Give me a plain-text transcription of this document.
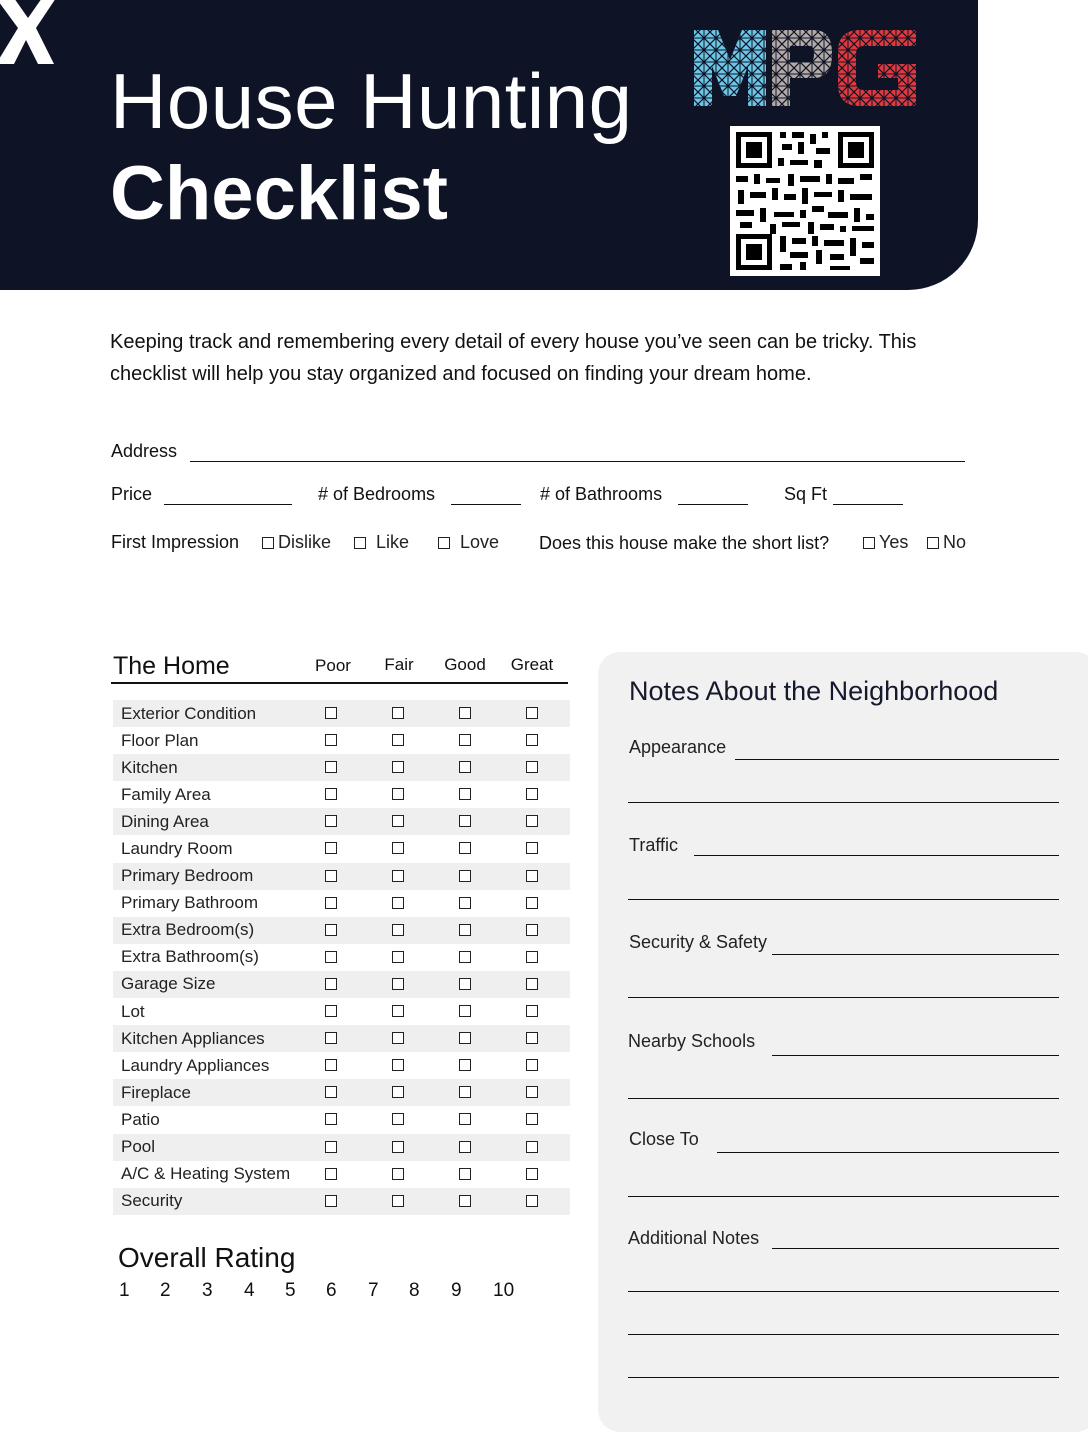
House Hunting
Checklist
Keeping track and remembering every detail of every house you’ve seen can be tricky. This checklist will help you stay organized and focused on finding your dream home.
Address
Price	# of Bedrooms	# of Bathrooms	Sq Ft
First Impression Dislike Like	Love Does this house make the short list?	Yes No
The Home	Poor	Fair	Good	Great
Exterior Condition
Floor Plan
Kitchen
Family Area
Dining Area
Laundry Room
Primary Bedroom
Primary Bathroom
Extra Bedroom(s)
Extra Bathroom(s)
Garage Size
Lot
Kitchen Appliances
Laundry Appliances
Fireplace
Patio
Pool
A/C & Heating System
Security
Overall Rating
1 2 3 4 5 6 7 8 9 10
Notes About the Neighborhood
Appearance
Traffic
Security & Safety
Nearby Schools
Close To
Additional Notes
